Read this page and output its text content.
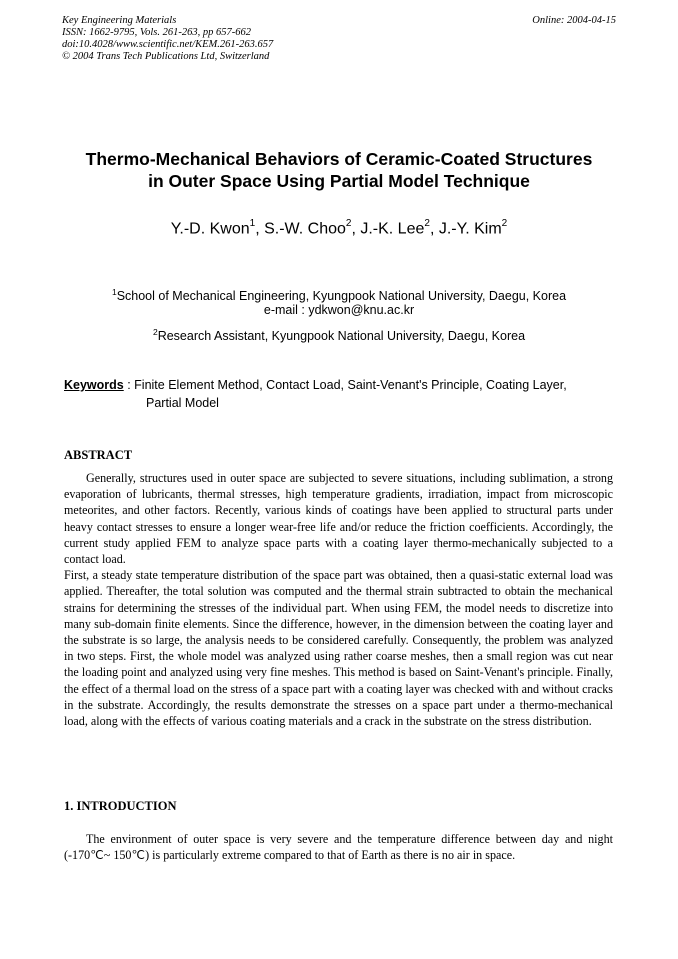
Key Engineering Materials
ISSN: 1662-9795, Vols. 261-263, pp 657-662
doi:10.4028/www.scientific.net/KEM.261-263.657
© 2004 Trans Tech Publications Ltd, Switzerland
Online: 2004-04-15
Thermo-Mechanical Behaviors of Ceramic-Coated Structures
in Outer Space Using Partial Model Technique
Y.-D. Kwon$^1$, S.-W. Choo$^2$, J.-K. Lee$^2$, J.-Y. Kim$^2$
$^1$School of Mechanical Engineering, Kyungpook National University, Daegu, Korea
e-mail : ydkwon@knu.ac.kr
$^2$Research Assistant, Kyungpook National University, Daegu, Korea
Keywords : Finite Element Method, Contact Load, Saint-Venant's Principle, Coating Layer,
Partial Model
ABSTRACT

Generally, structures used in outer space are subjected to severe situations, including sublimation, a strong evaporation of lubricants, thermal stresses, high temperature gradients, irradiation, impact from microscopic meteorites, and other factors. Recently, various kinds of coatings have been applied to structural parts under heavy contact stresses to ensure a longer wear-free life and/or reduce the friction coefficients. Accordingly, the current study applied FEM to analyze space parts with a coating layer thermo-mechanically subjected to a contact load.

First, a steady state temperature distribution of the space part was obtained, then a quasi-static external load was applied. Thereafter, the total solution was computed and the thermal strain subtracted to obtain the mechanical strains for determining the stresses of the individual part. When using FEM, the model needs to discretize into many sub-domain finite elements. Since the difference, however, in the dimension between the coating layer and the substrate is so large, the analysis needs to be considered carefully. Consequently, the problem was analyzed in two steps. First, the whole model was analyzed using rather coarse meshes, then a small region was cut near the loading point and analyzed using very fine meshes. This method is based on Saint-Venant's principle. Finally, the effect of a thermal load on the stress of a space part with a coating layer was checked with and without cracks in the substrate. Accordingly, the results demonstrate the stresses on a space part under a thermo-mechanical load, along with the effects of various coating materials and a crack in the substrate on the stress distribution.

1. INTRODUCTION

The environment of outer space is very severe and the temperature difference between day and night (-170℃~ 150℃) is particularly extreme compared to that of Earth as there is no air in space.
